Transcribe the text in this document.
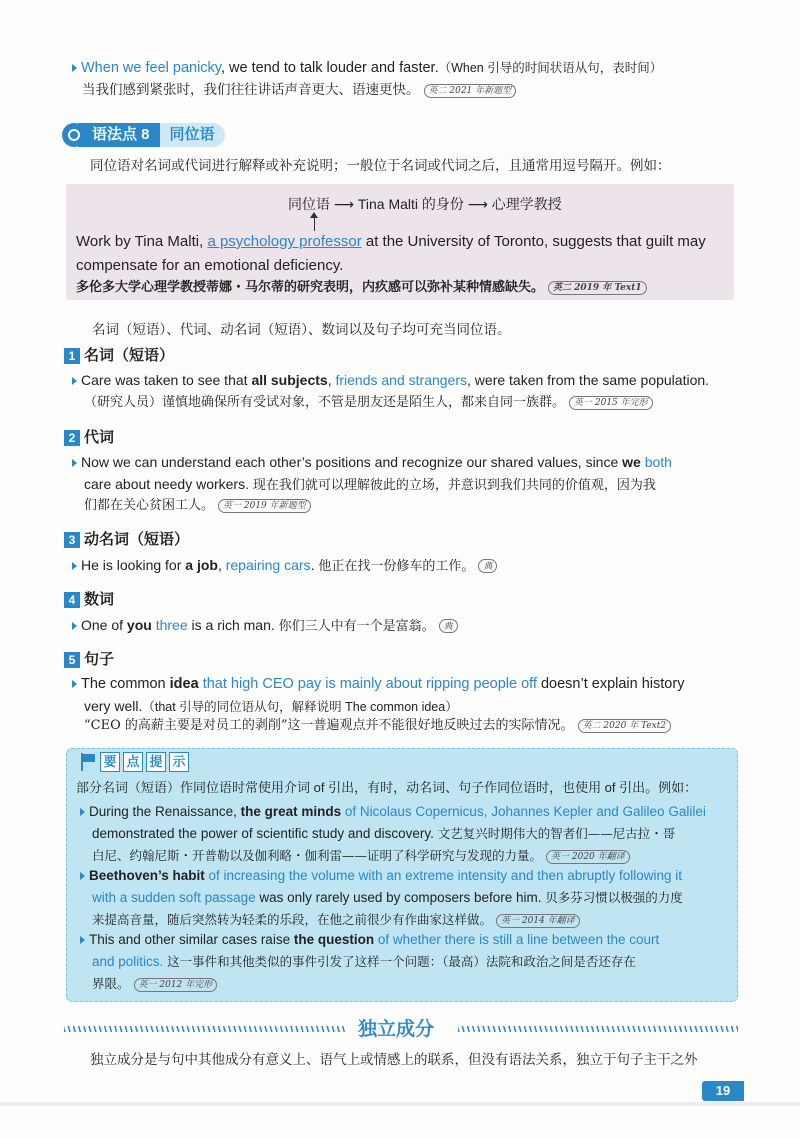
When we feel panicky, we tend to talk louder and faster.（When 引导的时间状语从句，表时间）
当我们感到紧张时，我们往往讲话声音更大、语速更快。 英二 2021 年新题型
语法点 8	同位语
同位语对名词或代词进行解释或补充说明；一般位于名词或代词之后，且通常用逗号隔开。例如：
同位语 ⟶ Tina Malti 的身份 ⟶ 心理学教授
Work by Tina Malti, a psychology professor at the University of Toronto, suggests that guilt may
compensate for an emotional deficiency.
多伦多大学心理学教授蒂娜・马尔蒂的研究表明，内疚感可以弥补某种情感缺失。 英二 2019 年 Text1
名词（短语）、代词、动名词（短语）、数词以及句子均可充当同位语。
1 名词（短语）
Care was taken to see that all subjects, friends and strangers, were taken from the same population.
（研究人员）谨慎地确保所有受试对象，不管是朋友还是陌生人，都来自同一族群。 英一 2015 年完形
2 代词
Now we can understand each other’s positions and recognize our shared values, since we both
care about needy workers. 现在我们就可以理解彼此的立场，并意识到我们共同的价值观，因为我
们都在关心贫困工人。 英一 2019 年新题型
3 动名词（短语）
He is looking for a job, repairing cars. 他正在找一份修车的工作。 典
4 数词
One of you three is a rich man. 你们三人中有一个是富翁。 典
5 句子
The common idea that high CEO pay is mainly about ripping people off doesn’t explain history
very well.（that 引导的同位语从句，解释说明 The common idea）
“CEO 的高薪主要是对员工的剥削”这一普遍观点并不能很好地反映过去的实际情况。 英二 2020 年 Text2
要 点 提 示
部分名词（短语）作同位语时常使用介词 of 引出，有时，动名词、句子作同位语时，也使用 of 引出。例如：
During the Renaissance, the great minds of Nicolaus Copernicus, Johannes Kepler and Galileo Galilei
demonstrated the power of scientific study and discovery. 文艺复兴时期伟大的智者们——尼古拉・哥
白尼、约翰尼斯・开普勒以及伽利略・伽利雷——证明了科学研究与发现的力量。 英一 2020 年翻译
Beethoven’s habit of increasing the volume with an extreme intensity and then abruptly following it
with a sudden soft passage was only rarely used by composers before him. 贝多芬习惯以极强的力度
来提高音量，随后突然转为轻柔的乐段，在他之前很少有作曲家这样做。 英一 2014 年翻译
This and other similar cases raise the question of whether there is still a line between the court
and politics. 这一事件和其他类似的事件引发了这样一个问题：（最高）法院和政治之间是否还存在
界限。 英一 2012 年完形
独立成分
独立成分是与句中其他成分有意义上、语气上或情感上的联系，但没有语法关系，独立于句子主干之外
19
